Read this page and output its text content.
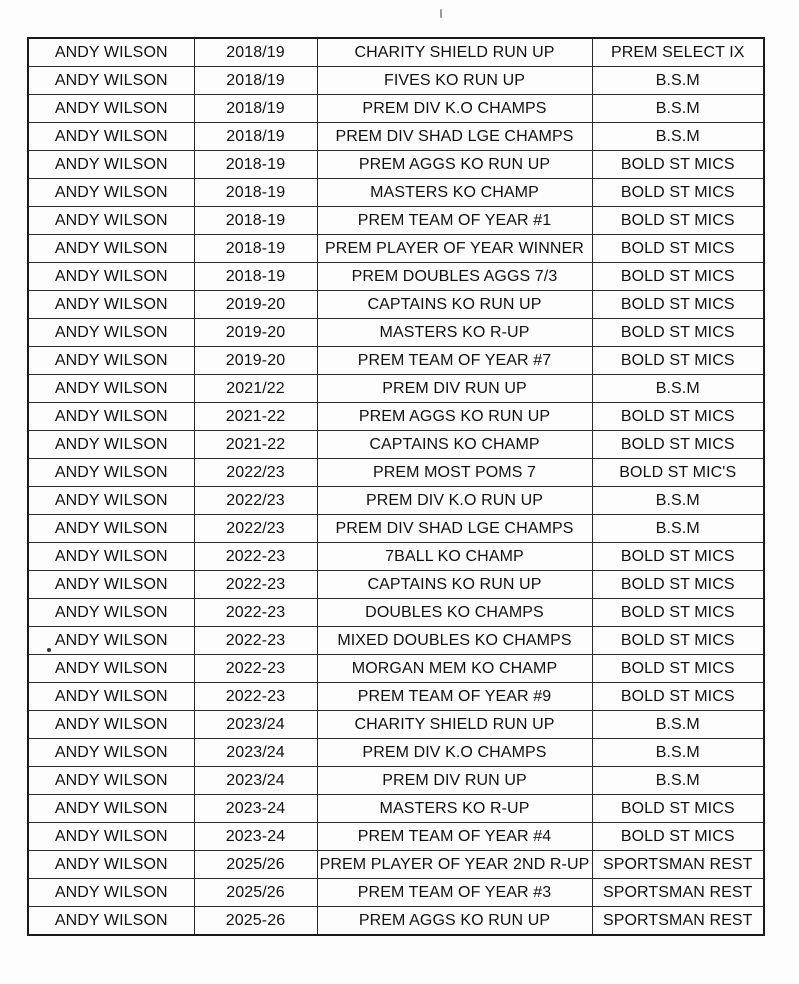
ANDY WILSON	2018/19	CHARITY SHIELD RUN UP	PREM SELECT IX
ANDY WILSON	2018/19	FIVES KO RUN UP	B.S.M
ANDY WILSON	2018/19	PREM DIV K.O CHAMPS	B.S.M
ANDY WILSON	2018/19	PREM DIV SHAD LGE CHAMPS	B.S.M
ANDY WILSON	2018-19	PREM AGGS KO RUN UP	BOLD ST MICS
ANDY WILSON	2018-19	MASTERS KO CHAMP	BOLD ST MICS
ANDY WILSON	2018-19	PREM TEAM OF YEAR #1	BOLD ST MICS
ANDY WILSON	2018-19	PREM PLAYER OF YEAR WINNER	BOLD ST MICS
ANDY WILSON	2018-19	PREM DOUBLES AGGS 7/3	BOLD ST MICS
ANDY WILSON	2019-20	CAPTAINS KO RUN UP	BOLD ST MICS
ANDY WILSON	2019-20	MASTERS KO R-UP	BOLD ST MICS
ANDY WILSON	2019-20	PREM TEAM OF YEAR #7	BOLD ST MICS
ANDY WILSON	2021/22	PREM DIV RUN UP	B.S.M
ANDY WILSON	2021-22	PREM AGGS KO RUN UP	BOLD ST MICS
ANDY WILSON	2021-22	CAPTAINS KO CHAMP	BOLD ST MICS
ANDY WILSON	2022/23	PREM MOST POMS 7	BOLD ST MIC'S
ANDY WILSON	2022/23	PREM DIV K.O RUN UP	B.S.M
ANDY WILSON	2022/23	PREM DIV SHAD LGE CHAMPS	B.S.M
ANDY WILSON	2022-23	7BALL KO CHAMP	BOLD ST MICS
ANDY WILSON	2022-23	CAPTAINS KO RUN UP	BOLD ST MICS
ANDY WILSON	2022-23	DOUBLES KO CHAMPS	BOLD ST MICS
ANDY WILSON	2022-23	MIXED DOUBLES KO CHAMPS	BOLD ST MICS
ANDY WILSON	2022-23	MORGAN MEM KO CHAMP	BOLD ST MICS
ANDY WILSON	2022-23	PREM TEAM OF YEAR #9	BOLD ST MICS
ANDY WILSON	2023/24	CHARITY SHIELD RUN UP	B.S.M
ANDY WILSON	2023/24	PREM DIV K.O CHAMPS	B.S.M
ANDY WILSON	2023/24	PREM DIV RUN UP	B.S.M
ANDY WILSON	2023-24	MASTERS KO R-UP	BOLD ST MICS
ANDY WILSON	2023-24	PREM TEAM OF YEAR #4	BOLD ST MICS
ANDY WILSON	2025/26	PREM PLAYER OF YEAR 2ND R-UP	SPORTSMAN REST
ANDY WILSON	2025/26	PREM TEAM OF YEAR #3	SPORTSMAN REST
ANDY WILSON	2025-26	PREM AGGS KO RUN UP	SPORTSMAN REST
